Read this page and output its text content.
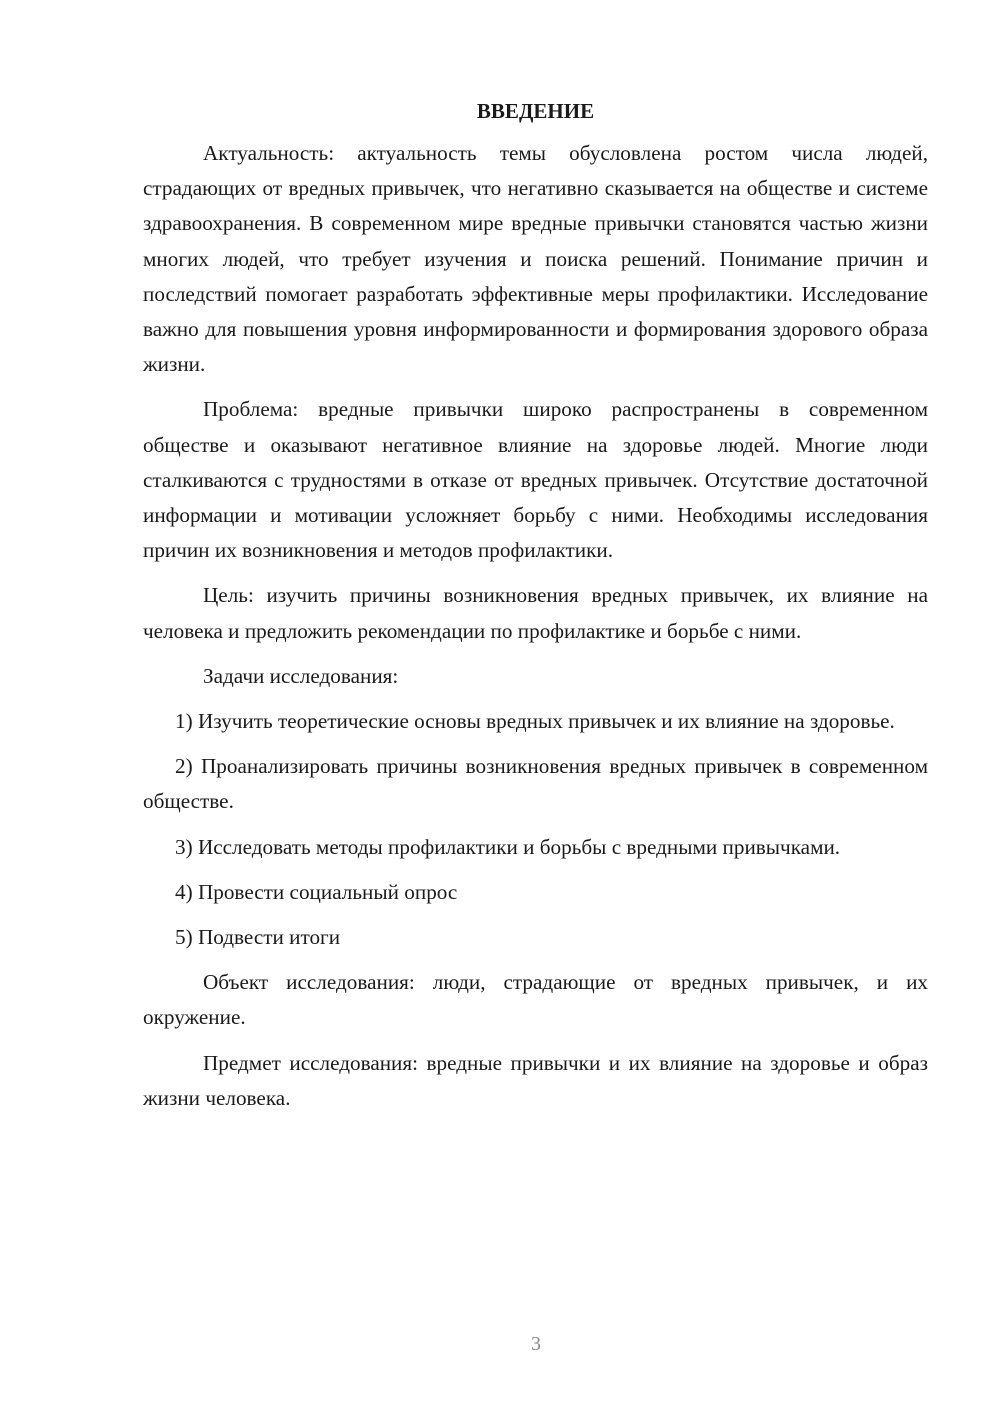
ВВЕДЕНИЕ

Актуальность: актуальность темы обусловлена ростом числа людей, страдающих от вредных привычек, что негативно сказывается на обществе и системе здравоохранения. В современном мире вредные привычки становятся частью жизни многих людей, что требует изучения и поиска решений. Понимание причин и последствий помогает разработать эффективные меры профилактики. Исследование важно для повышения уровня информированности и формирования здорового образа жизни.

Проблема: вредные привычки широко распространены в современном обществе и оказывают негативное влияние на здоровье людей. Многие люди сталкиваются с трудностями в отказе от вредных привычек. Отсутствие достаточной информации и мотивации усложняет борьбу с ними. Необходимы исследования причин их возникновения и методов профилактики.

Цель: изучить причины возникновения вредных привычек, их влияние на человека и предложить рекомендации по профилактике и борьбе с ними.

Задачи исследования:

1) Изучить теоретические основы вредных привычек и их влияние на здоровье.

2) Проанализировать причины возникновения вредных привычек в современном обществе.

3) Исследовать методы профилактики и борьбы с вредными привычками.

4) Провести социальный опрос

5) Подвести итоги

Объект исследования: люди, страдающие от вредных привычек, и их окружение.

Предмет исследования: вредные привычки и их влияние на здоровье и образ жизни человека.

3
